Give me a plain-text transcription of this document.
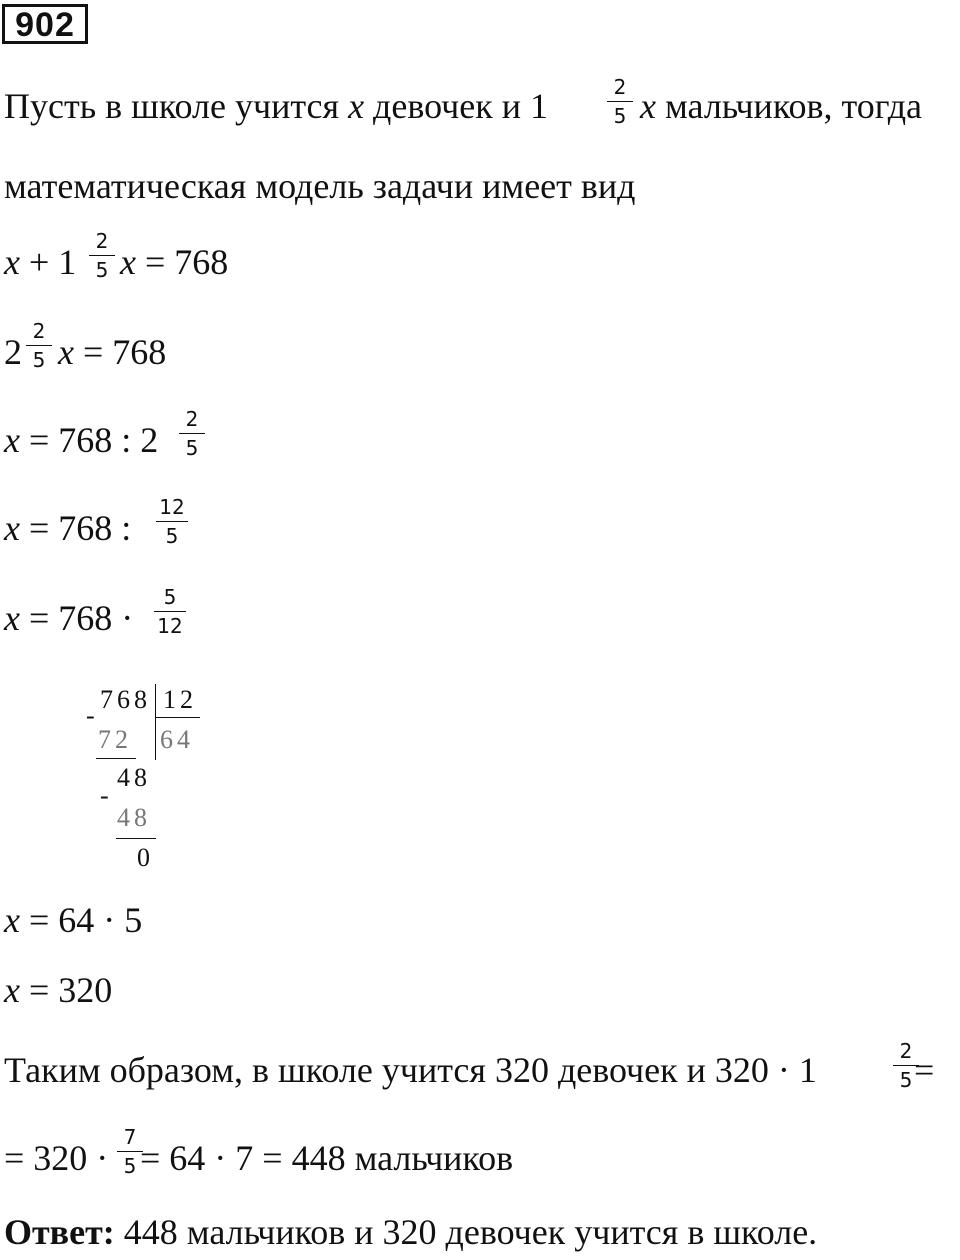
902
Пусть в школе учится x девочек и 1	2
5 x мальчиков, тогда
математическая модель задачи имеет вид
x + 1
2
5 x = 768
2
2
5 x = 768
x = 768 : 2
2
5
x = 768 :
12
5
x = 768 ·
5
12
768 12
-
72 64
48
-
48
0
x = 64 · 5
x = 320
Таким образом, в школе учится 320 девочек и 320 · 1	2
5 =
= 320 ·
7
5 = 64 · 7 = 448 мальчиков
Ответ: 448 мальчиков и 320 девочек учится в школе.
